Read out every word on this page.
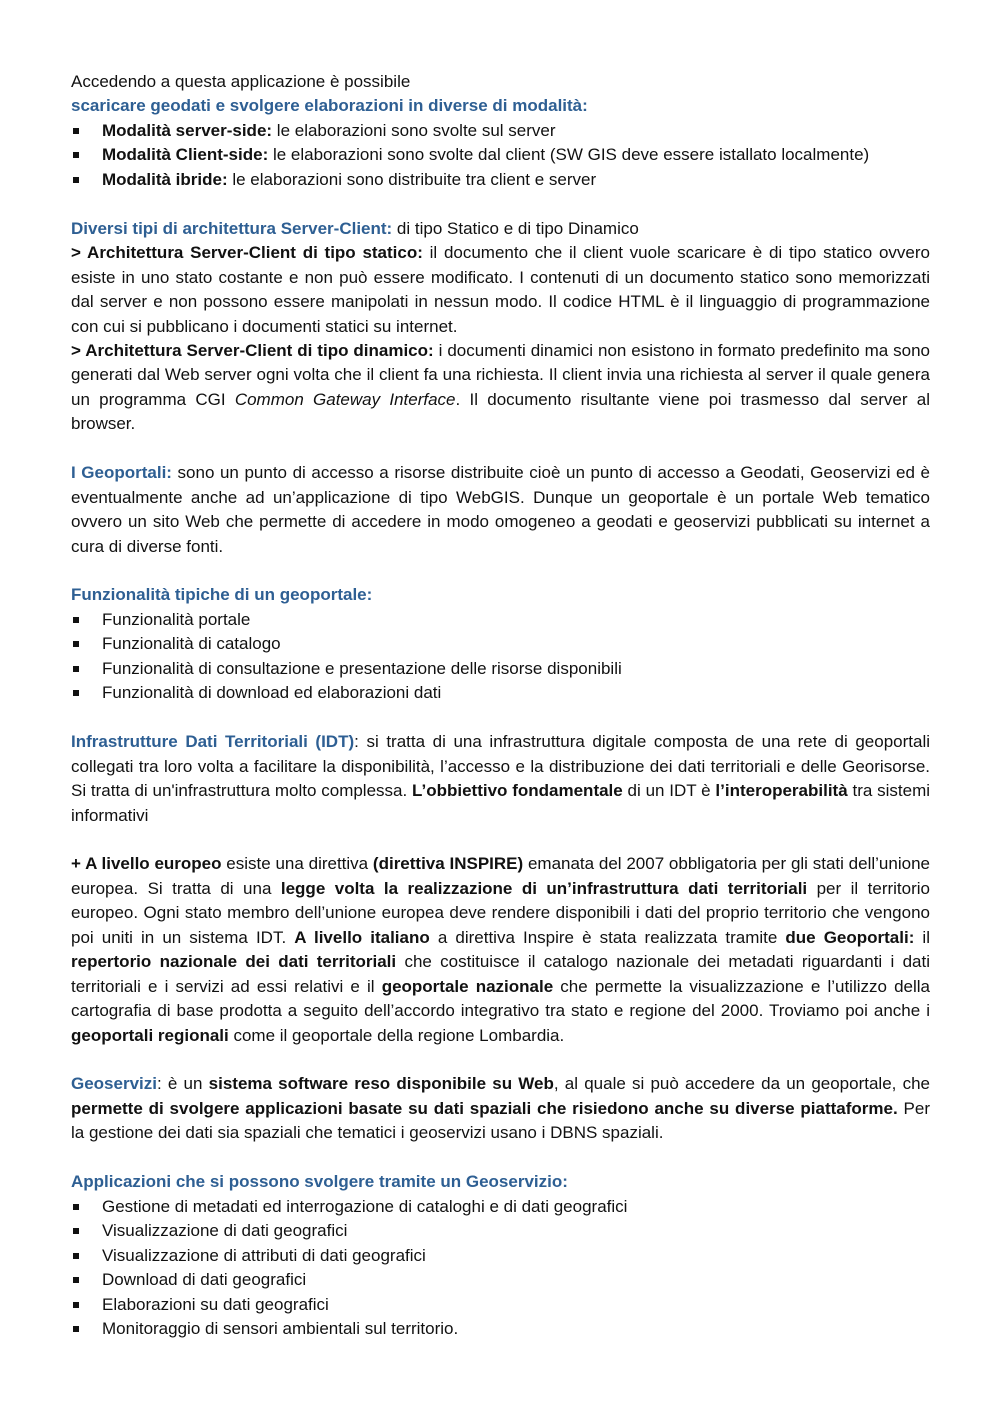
Accedendo a questa applicazione è possibile

scaricare geodati e svolgere elaborazioni in diverse di modalità:

Modalità server-side: le elaborazioni sono svolte sul server
Modalità Client-side: le elaborazioni sono svolte dal client (SW GIS deve essere istallato localmente)
Modalità ibride: le elaborazioni sono distribuite tra client e server

Diversi tipi di architettura Server-Client: di tipo Statico e di tipo Dinamico

> Architettura Server-Client di tipo statico: il documento che il client vuole scaricare è di tipo statico ovvero esiste in uno stato costante e non può essere modificato. I contenuti di un documento statico sono memorizzati dal server e non possono essere manipolati in nessun modo. Il codice HTML è il linguaggio di programmazione con cui si pubblicano i documenti statici su internet.

> Architettura Server-Client di tipo dinamico: i documenti dinamici non esistono in formato predefinito ma sono generati dal Web server ogni volta che il client fa una richiesta. Il client invia una richiesta al server il quale genera un programma CGI Common Gateway Interface. Il documento risultante viene poi trasmesso dal server al browser.

I Geoportali: sono un punto di accesso a risorse distribuite cioè un punto di accesso a Geodati, Geoservizi ed è eventualmente anche ad un’applicazione di tipo WebGIS. Dunque un geoportale è un portale Web tematico ovvero un sito Web che permette di accedere in modo omogeneo a geodati e geoservizi pubblicati su internet a cura di diverse fonti.

Funzionalità tipiche di un geoportale:

Funzionalità portale
Funzionalità di catalogo
Funzionalità di consultazione e presentazione delle risorse disponibili
Funzionalità di download ed elaborazioni dati

Infrastrutture Dati Territoriali (IDT): si tratta di una infrastruttura digitale composta de una rete di geoportali collegati tra loro volta a facilitare la disponibilità, l’accesso e la distribuzione dei dati territoriali e delle Georisorse. Si tratta di un'infrastruttura molto complessa. L’obbiettivo fondamentale di un IDT è l’interoperabilità tra sistemi informativi

+ A livello europeo esiste una direttiva (direttiva INSPIRE) emanata del 2007 obbligatoria per gli stati dell’unione europea. Si tratta di una legge volta la realizzazione di un’infrastruttura dati territoriali per il territorio europeo. Ogni stato membro dell’unione europea deve rendere disponibili i dati del proprio territorio che vengono poi uniti in un sistema IDT. A livello italiano a direttiva Inspire è stata realizzata tramite due Geoportali: il repertorio nazionale dei dati territoriali che costituisce il catalogo nazionale dei metadati riguardanti i dati territoriali e i servizi ad essi relativi e il geoportale nazionale che permette la visualizzazione e l’utilizzo della cartografia di base prodotta a seguito dell’accordo integrativo tra stato e regione del 2000. Troviamo poi anche i geoportali regionali come il geoportale della regione Lombardia.

Geoservizi: è un sistema software reso disponibile su Web, al quale si può accedere da un geoportale, che permette di svolgere applicazioni basate su dati spaziali che risiedono anche su diverse piattaforme. Per la gestione dei dati sia spaziali che tematici i geoservizi usano i DBNS spaziali.

Applicazioni che si possono svolgere tramite un Geoservizio:

Gestione di metadati ed interrogazione di cataloghi e di dati geografici
Visualizzazione di dati geografici
Visualizzazione di attributi di dati geografici
Download di dati geografici
Elaborazioni su dati geografici
Monitoraggio di sensori ambientali sul territorio.
